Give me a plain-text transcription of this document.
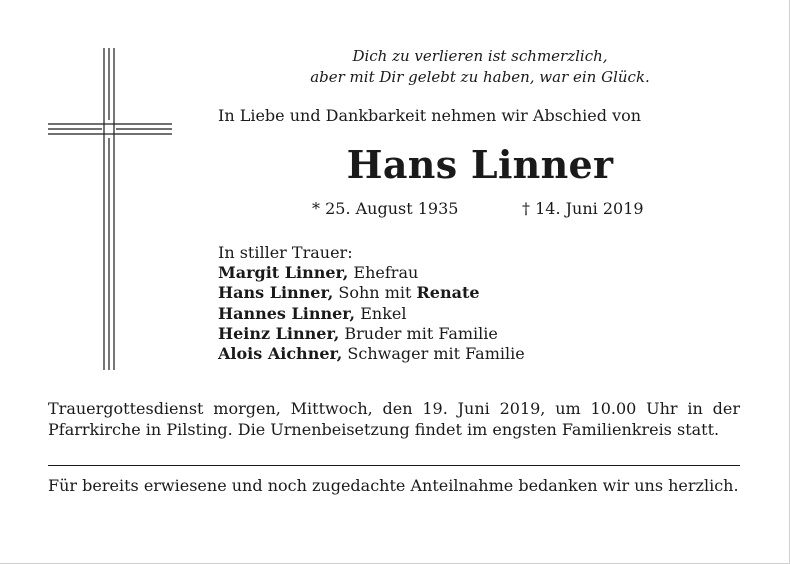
Dich zu verlieren ist schmerzlich,
aber mit Dir gelebt zu haben, war ein Glück.
In Liebe und Dankbarkeit nehmen wir Abschied von
Hans Linner
* 25. August 1935	† 14. Juni 2019
In stiller Trauer:
Margit Linner, Ehefrau
Hans Linner, Sohn mit Renate
Hannes Linner, Enkel
Heinz Linner, Bruder mit Familie
Alois Aichner, Schwager mit Familie
Trauergottesdienst morgen, Mittwoch, den 19. Juni 2019, um 10.00 Uhr in der Pfarrkirche in Pilsting. Die Urnenbeisetzung findet im engsten Familienkreis statt.
Für bereits erwiesene und noch zugedachte Anteilnahme bedanken wir uns herzlich.
